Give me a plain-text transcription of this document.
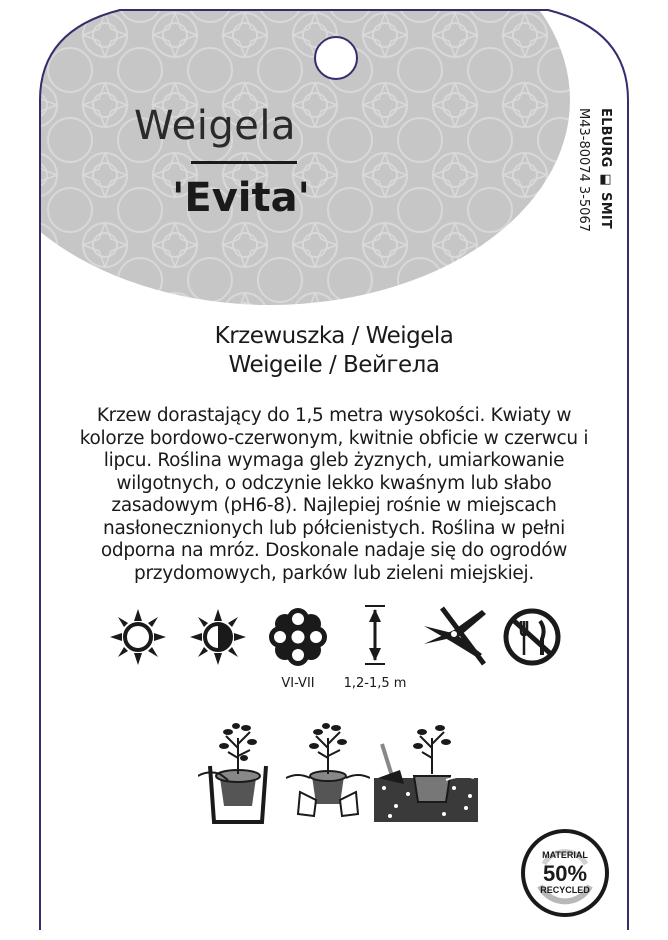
Weigela
'Evita'	ELBURG ◧ SMIT
M43-80074 3-5067
Krzewuszka / Weigela
Weigeile / Вейгела
Krzew dorastający do 1,5 metra wysokości. Kwiaty w kolorze bordowo-czerwonym, kwitnie obficie w czerwcu i lipcu. Roślina wymaga gleb żyznych, umiarkowanie wilgotnych, o odczynie lekko kwaśnym lub słabo zasadowym (pH6-8). Najlepiej rośnie w miejscach nasłonecznionych lub półcienistych. Roślina w pełni odporna na mróz. Doskonale nadaje się do ogrodów przydomowych, parków lub zieleni miejskiej.
VI-VII	1,2-1,5 m
MATERIAL
50%
RECYCLED
